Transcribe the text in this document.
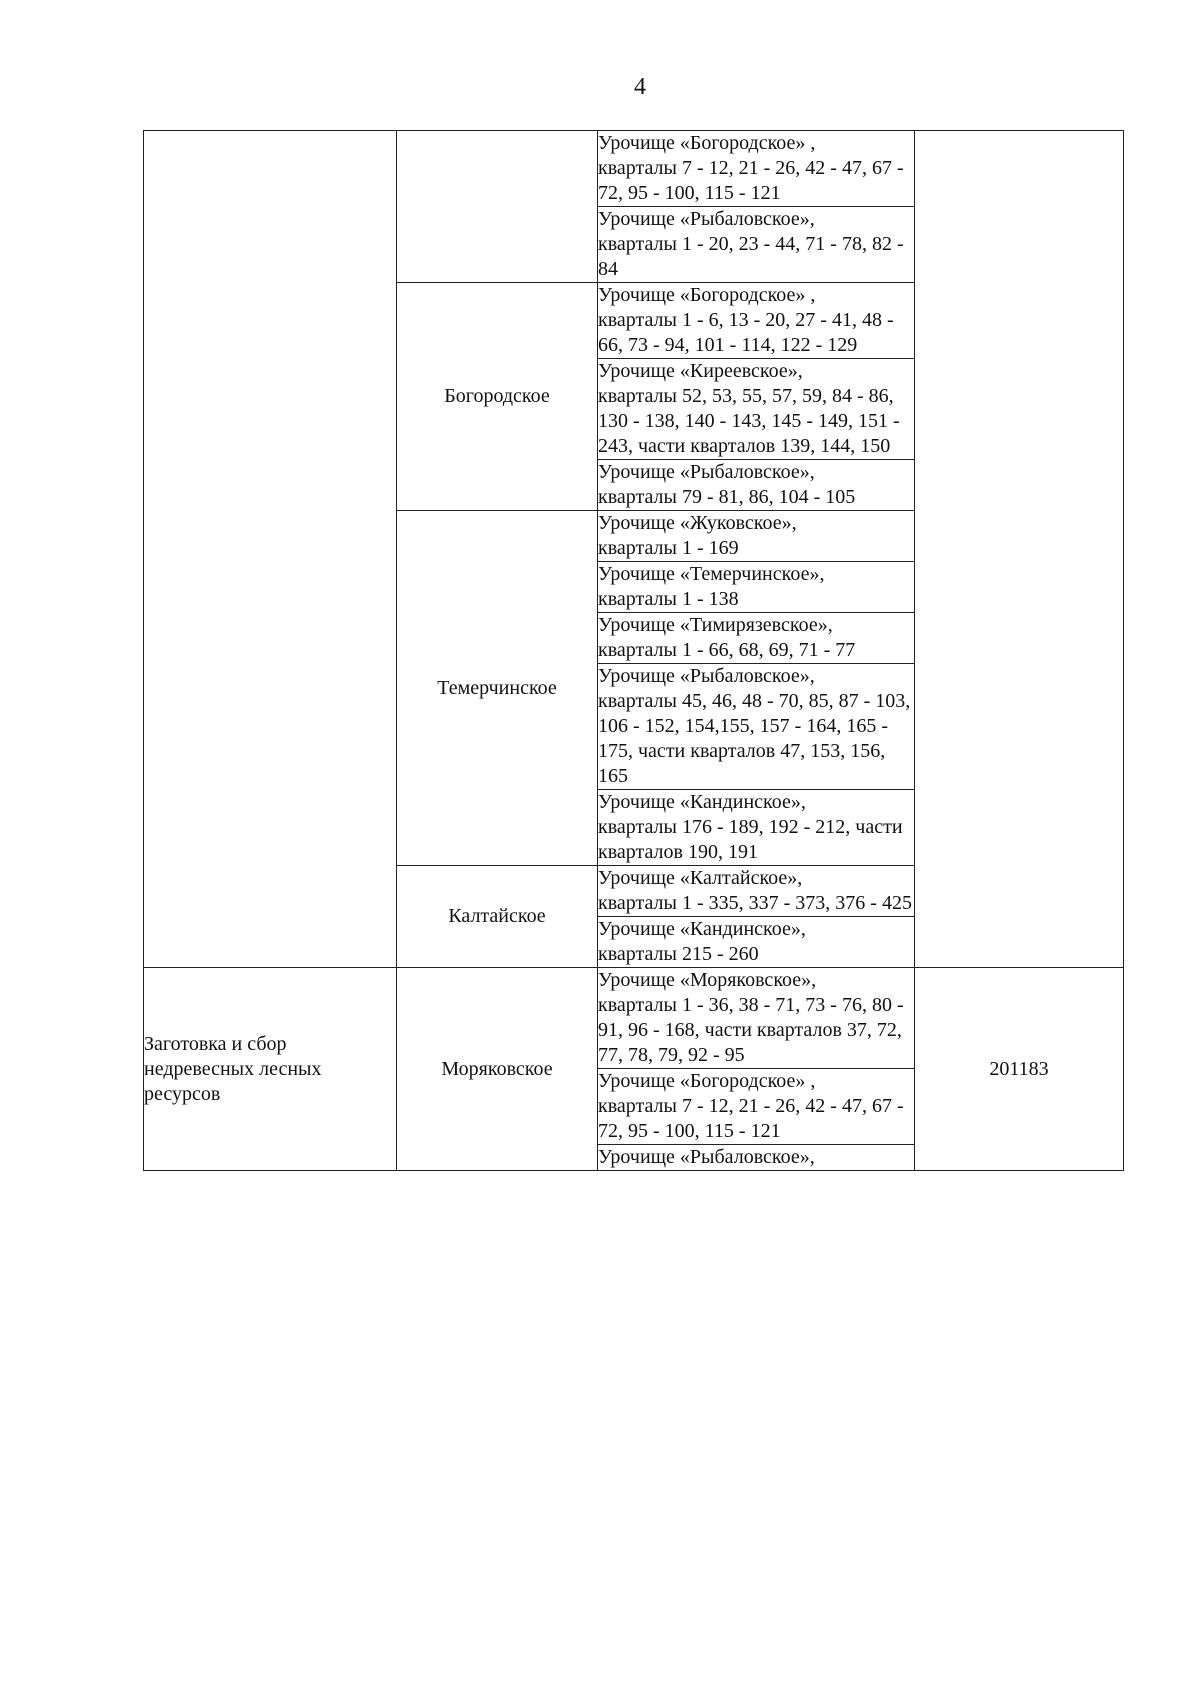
4

		Урочище «Богородское» ,
кварталы 7 - 12, 21 - 26, 42 - 47, 67 - 72, 95 - 100, 115 - 121	

		Урочище «Рыбаловское»,
кварталы 1 - 20, 23 - 44, 71 - 78, 82 - 84	

	Богородское	Урочище «Богородское» ,
кварталы 1 - 6, 13 - 20, 27 - 41, 48 - 66, 73 - 94, 101 - 114, 122 - 129	

		Урочище «Киреевское»,
кварталы 52, 53, 55, 57, 59, 84 - 86, 130 - 138, 140 - 143, 145 - 149, 151 - 243, части кварталов 139, 144, 150	

		Урочище «Рыбаловское»,
кварталы 79 - 81, 86, 104 - 105	

	Темерчинское	Урочище «Жуковское»,
кварталы 1 - 169	

		Урочище «Темерчинское»,
кварталы 1 - 138	

		Урочище «Тимирязевское»,
кварталы 1 - 66, 68, 69, 71 - 77	

		Урочище «Рыбаловское»,
кварталы 45, 46, 48 - 70, 85, 87 - 103, 106 - 152, 154,155, 157 - 164, 165 - 175, части кварталов 47, 153, 156, 165	

		Урочище «Кандинское»,
кварталы 176 - 189, 192 - 212, части кварталов 190, 191	

	Калтайское	Урочище «Калтайское»,
кварталы 1 - 335, 337 - 373, 376 - 425	

		Урочище «Кандинское»,
кварталы 215 - 260	

Заготовка и сбор недревесных лесных ресурсов	Моряковское	Урочище «Моряковское»,
кварталы 1 - 36, 38 - 71, 73 - 76, 80 - 91, 96 - 168, части кварталов 37, 72, 77, 78, 79, 92 - 95	201183

		Урочище «Богородское» ,
кварталы 7 - 12, 21 - 26, 42 - 47, 67 - 72, 95 - 100, 115 - 121	

		Урочище «Рыбаловское»,	
